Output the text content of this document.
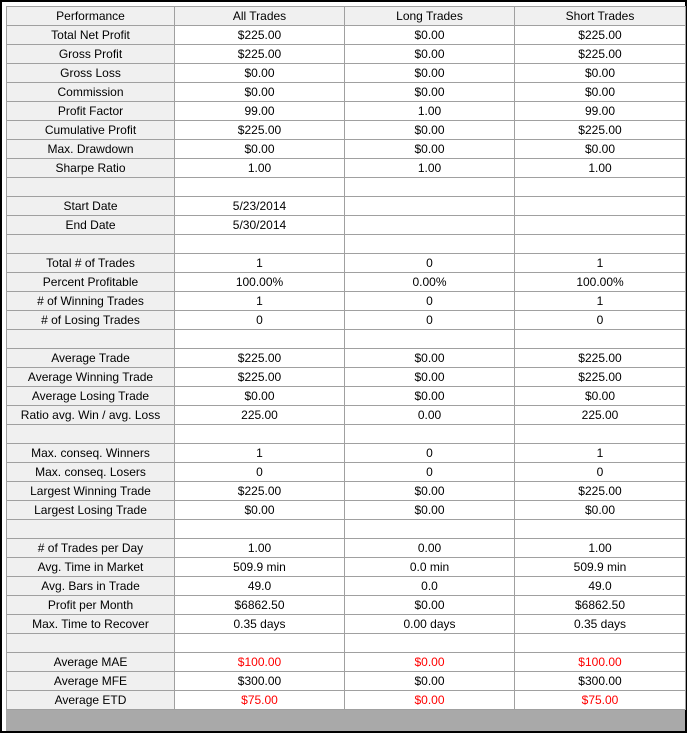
Performance	All Trades	Long Trades	Short Trades
Total Net Profit	$225.00	$0.00	$225.00
Gross Profit	$225.00	$0.00	$225.00
Gross Loss	$0.00	$0.00	$0.00
Commission	$0.00	$0.00	$0.00
Profit Factor	99.00	1.00	99.00
Cumulative Profit	$225.00	$0.00	$225.00
Max. Drawdown	$0.00	$0.00	$0.00
Sharpe Ratio	1.00	1.00	1.00

Start Date	5/23/2014		
End Date	5/30/2014		

Total # of Trades	1	0	1
Percent Profitable	100.00%	0.00%	100.00%
# of Winning Trades	1	0	1
# of Losing Trades	0	0	0

Average Trade	$225.00	$0.00	$225.00
Average Winning Trade	$225.00	$0.00	$225.00
Average Losing Trade	$0.00	$0.00	$0.00
Ratio avg. Win / avg. Loss	225.00	0.00	225.00

Max. conseq. Winners	1	0	1
Max. conseq. Losers	0	0	0
Largest Winning Trade	$225.00	$0.00	$225.00
Largest Losing Trade	$0.00	$0.00	$0.00

# of Trades per Day	1.00	0.00	1.00
Avg. Time in Market	509.9 min	0.0 min	509.9 min
Avg. Bars in Trade	49.0	0.0	49.0
Profit per Month	$6862.50	$0.00	$6862.50
Max. Time to Recover	0.35 days	0.00 days	0.35 days

Average MAE	$100.00	$0.00	$100.00
Average MFE	$300.00	$0.00	$300.00
Average ETD	$75.00	$0.00	$75.00
